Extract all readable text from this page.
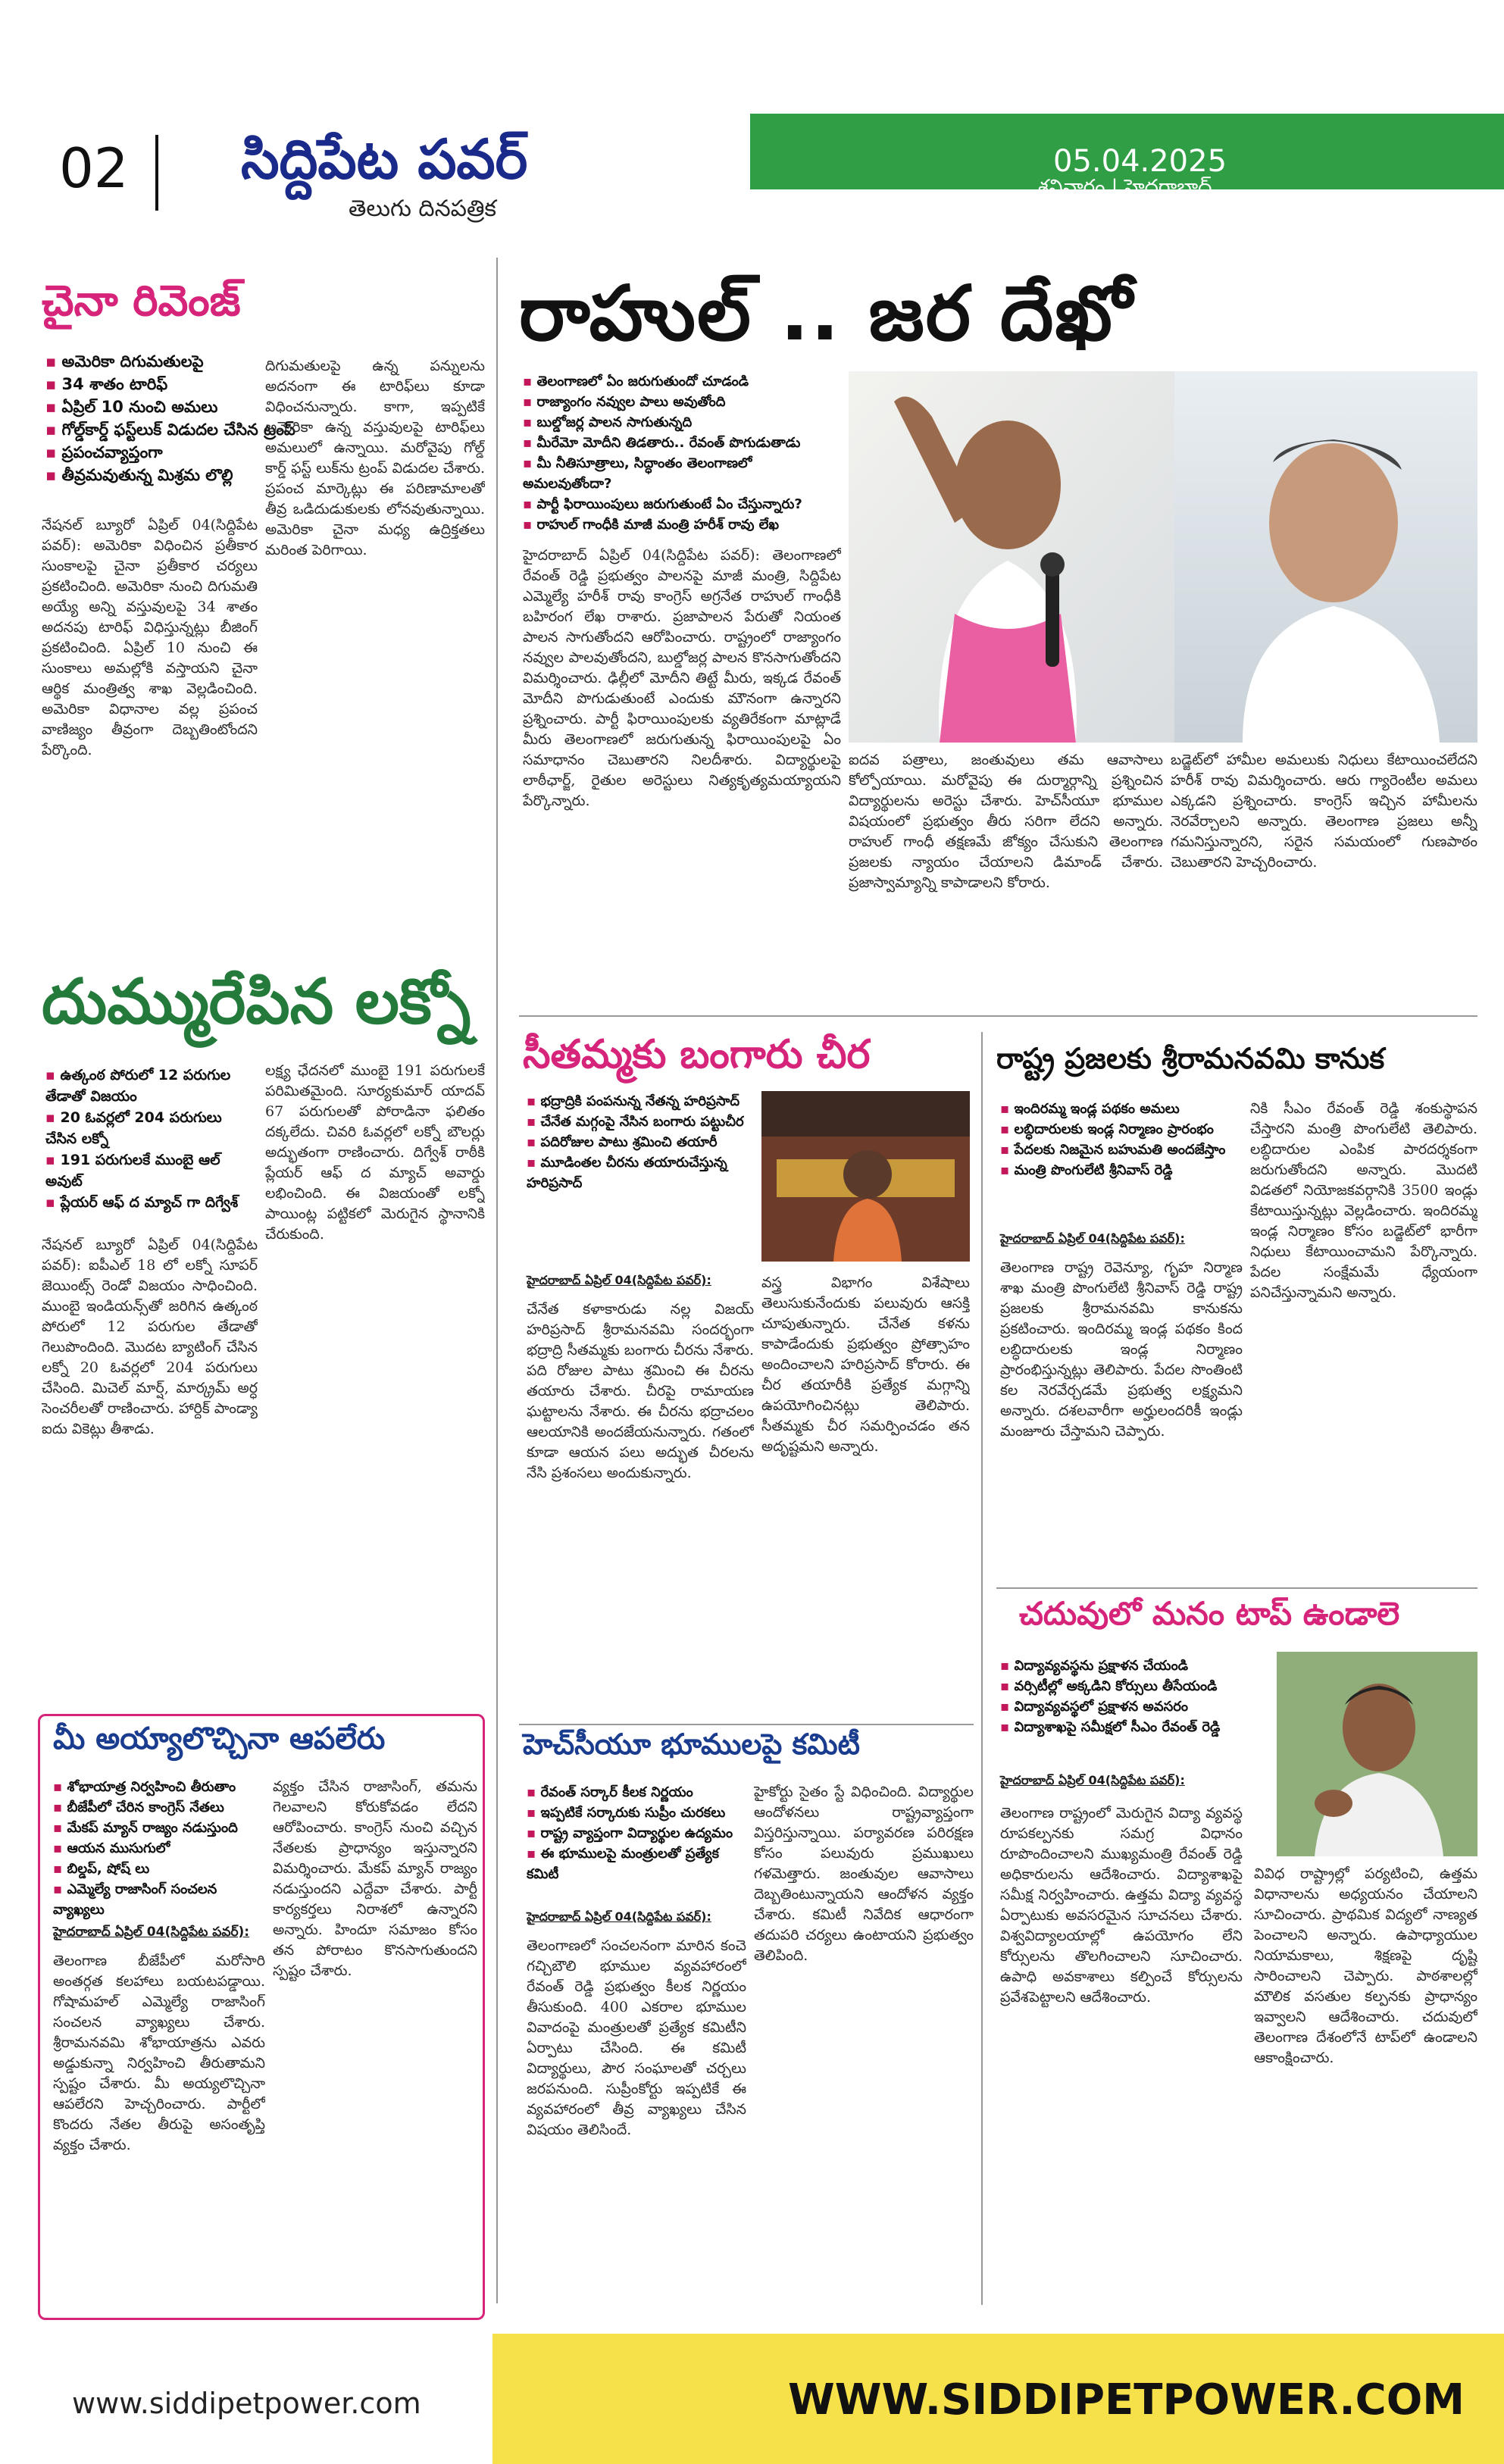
02 సిద్దిపేట పవర్
తెలుగు దినపత్రిక
05.04.2025
శనివారం | హైదరాబాద్
చైనా రివెంజ్
▪ అమెరికా దిగుమతులపై
▪ 34 శాతం టారిఫ్
▪ ఏప్రిల్ 10 నుంచి అమలు
▪ గోల్డ్‌కార్డ్ ఫస్ట్‌లుక్ విడుదల చేసిన ట్రంప్
▪ ప్రపంచవ్యాప్తంగా
▪ తీవ్రమవుతున్న మిశ్రమ లొల్లి
నేషనల్ బ్యూరో ఏప్రిల్ 04(సిద్దిపేట పవర్): అమెరికా విధించిన ప్రతీకార సుంకాలపై చైనా ప్రతీకార చర్యలు ప్రకటించింది. అమెరికా నుంచి దిగుమతి అయ్యే అన్ని వస్తువులపై 34 శాతం అదనపు టారిఫ్ విధిస్తున్నట్లు బీజింగ్ ప్రకటించింది. ఏప్రిల్ 10 నుంచి ఈ సుంకాలు అమల్లోకి వస్తాయని చైనా ఆర్థిక మంత్రిత్వ శాఖ వెల్లడించింది. అమెరికా విధానాల వల్ల ప్రపంచ వాణిజ్యం తీవ్రంగా దెబ్బతింటోందని పేర్కొంది.
దిగుమతులపై ఉన్న పన్నులను అదనంగా ఈ టారిఫ్‌లు కూడా విధించనున్నారు. కాగా, ఇప్పటికే అమెరికా ఉన్న వస్తువులపై టారిఫ్‌లు అమలులో ఉన్నాయి. మరోవైపు గోల్డ్ కార్డ్ ఫస్ట్ లుక్‌ను ట్రంప్ విడుదల చేశారు. ప్రపంచ మార్కెట్లు ఈ పరిణామాలతో తీవ్ర ఒడిదుడుకులకు లోనవుతున్నాయి. అమెరికా చైనా మధ్య ఉద్రిక్తతలు మరింత పెరిగాయి.
దుమ్మురేపిన లక్నో
▪ ఉత్కంఠ పోరులో 12 పరుగుల తేడాతో విజయం
▪ 20 ఓవర్లలో 204 పరుగులు చేసిన లక్నో
▪ 191 పరుగులకే ముంబై ఆల్ అవుట్
▪ ప్లేయర్ ఆఫ్ ద మ్యాచ్ గా దిగ్వేశ్
నేషనల్ బ్యూరో ఏప్రిల్ 04(సిద్దిపేట పవర్): ఐపీఎల్ 18 లో లక్నో సూపర్ జెయింట్స్ రెండో విజయం సాధించింది. ముంబై ఇండియన్స్‌తో జరిగిన ఉత్కంఠ పోరులో 12 పరుగుల తేడాతో గెలుపొందింది. మొదట బ్యాటింగ్ చేసిన లక్నో 20 ఓవర్లలో 204 పరుగులు చేసింది. మిచెల్ మార్ష్, మార్క్రమ్ అర్ధ సెంచరీలతో రాణించారు. హార్దిక్ పాండ్యా ఐదు వికెట్లు తీశాడు.
లక్ష్య ఛేదనలో ముంబై 191 పరుగులకే పరిమితమైంది. సూర్యకుమార్ యాదవ్ 67 పరుగులతో పోరాడినా ఫలితం దక్కలేదు. చివరి ఓవర్లలో లక్నో బౌలర్లు అద్భుతంగా రాణించారు. దిగ్వేశ్ రాఠీకి ప్లేయర్ ఆఫ్ ద మ్యాచ్ అవార్డు లభించింది. ఈ విజయంతో లక్నో పాయింట్ల పట్టికలో మెరుగైన స్థానానికి చేరుకుంది.
మీ అయ్యాలొచ్చినా ఆపలేరు
▪ శోభాయాత్ర నిర్వహించి తీరుతాం
▪ బీజేపీలో చేరిన కాంగ్రెస్ నేతలు
▪ మేకప్ మ్యాన్ రాజ్యం నడుస్తుంది
▪ ఆయన ముసుగులో
▪ బిల్డప్, షోష్ లు
▪ ఎమ్మెల్యే రాజాసింగ్ సంచలన వ్యాఖ్యలు
హైదరాబాద్ ఏప్రిల్ 04(సిద్దిపేట పవర్):
తెలంగాణ బీజేపీలో మరోసారి అంతర్గత కలహాలు బయటపడ్డాయి. గోషామహల్ ఎమ్మెల్యే రాజాసింగ్ సంచలన వ్యాఖ్యలు చేశారు. శ్రీరామనవమి శోభాయాత్రను ఎవరు అడ్డుకున్నా నిర్వహించి తీరుతామని స్పష్టం చేశారు. మీ అయ్యలొచ్చినా ఆపలేరని హెచ్చరించారు. పార్టీలో కొందరు నేతల తీరుపై అసంతృప్తి వ్యక్తం చేశారు.
వ్యక్తం చేసిన రాజాసింగ్, తమను గెలవాలని కోరుకోవడం లేదని ఆరోపించారు. కాంగ్రెస్ నుంచి వచ్చిన నేతలకు ప్రాధాన్యం ఇస్తున్నారని విమర్శించారు. మేకప్ మ్యాన్ రాజ్యం నడుస్తుందని ఎద్దేవా చేశారు. పార్టీ కార్యకర్తలు నిరాశలో ఉన్నారని అన్నారు. హిందూ సమాజం కోసం తన పోరాటం కొనసాగుతుందని స్పష్టం చేశారు.
రాహుల్ .. జర దేఖో
▪ తెలంగాణలో ఏం జరుగుతుందో చూడండి
▪ రాజ్యాంగం నవ్వుల పాలు అవుతోంది
▪ బుల్డోజర్ల పాలన సాగుతున్నది
▪ మీరేమో మోదీని తిడతారు.. రేవంత్ పొగుడుతాడు
▪ మీ నీతిసూత్రాలు, సిద్ధాంతం తెలంగాణలో అమలవుతోందా?
▪ పార్టీ ఫిరాయింపులు జరుగుతుంటే ఏం చేస్తున్నారు?
▪ రాహుల్ గాంధీకి మాజీ మంత్రి హరీశ్ రావు లేఖ
హైదరాబాద్ ఏప్రిల్ 04(సిద్దిపేట పవర్): తెలంగాణలో రేవంత్ రెడ్డి ప్రభుత్వం పాలనపై మాజీ మంత్రి, సిద్దిపేట ఎమ్మెల్యే హరీశ్ రావు కాంగ్రెస్ అగ్రనేత రాహుల్ గాంధీకి బహిరంగ లేఖ రాశారు. ప్రజాపాలన పేరుతో నియంత పాలన సాగుతోందని ఆరోపించారు. రాష్ట్రంలో రాజ్యాంగం నవ్వుల పాలవుతోందని, బుల్డోజర్ల పాలన కొనసాగుతోందని విమర్శించారు. ఢిల్లీలో మోదీని తిట్టే మీరు, ఇక్కడ రేవంత్ మోదీని పొగుడుతుంటే ఎందుకు మౌనంగా ఉన్నారని ప్రశ్నించారు. పార్టీ ఫిరాయింపులకు వ్యతిరేకంగా మాట్లాడే మీరు తెలంగాణలో జరుగుతున్న ఫిరాయింపులపై ఏం సమాధానం చెబుతారని నిలదీశారు. విద్యార్థులపై లాఠీఛార్జ్, రైతుల అరెస్టులు నిత్యకృత్యమయ్యాయని పేర్కొన్నారు.
ఐదవ పత్రాలు, జంతువులు తమ ఆవాసాలు కోల్పోయాయి. మరోవైపు ఈ దుర్మార్గాన్ని ప్రశ్నించిన విద్యార్థులను అరెస్టు చేశారు. హెచ్‌సీయూ భూముల విషయంలో ప్రభుత్వం తీరు సరిగా లేదని అన్నారు. రాహుల్ గాంధీ తక్షణమే జోక్యం చేసుకుని తెలంగాణ ప్రజలకు న్యాయం చేయాలని డిమాండ్ చేశారు. ప్రజాస్వామ్యాన్ని కాపాడాలని కోరారు.
బడ్జెట్‌లో హామీల అమలుకు నిధులు కేటాయించలేదని హరీశ్ రావు విమర్శించారు. ఆరు గ్యారెంటీల అమలు ఎక్కడని ప్రశ్నించారు. కాంగ్రెస్ ఇచ్చిన హామీలను నెరవేర్చాలని అన్నారు. తెలంగాణ ప్రజలు అన్నీ గమనిస్తున్నారని, సరైన సమయంలో గుణపాఠం చెబుతారని హెచ్చరించారు.
సీతమ్మకు బంగారు చీర
▪ భద్రాద్రికి పంపనున్న నేతన్న హరిప్రసాద్
▪ చేనేత మగ్గంపై నేసిన బంగారు పట్టుచీర
▪ పదిరోజుల పాటు శ్రమించి తయారీ
▪ మూడింతల చీరను తయారుచేస్తున్న హరిప్రసాద్
హైదరాబాద్ ఏప్రిల్ 04(సిద్దిపేట పవర్):
చేనేత కళాకారుడు నల్ల విజయ్ హరిప్రసాద్ శ్రీరామనవమి సందర్భంగా భద్రాద్రి సీతమ్మకు బంగారు చీరను నేశారు. పది రోజుల పాటు శ్రమించి ఈ చీరను తయారు చేశారు. చీరపై రామాయణ ఘట్టాలను నేశారు. ఈ చీరను భద్రాచలం ఆలయానికి అందజేయనున్నారు. గతంలో కూడా ఆయన పలు అద్భుత చీరలను నేసి ప్రశంసలు అందుకున్నారు.
వస్త్ర విభాగం విశేషాలు తెలుసుకునేందుకు పలువురు ఆసక్తి చూపుతున్నారు. చేనేత కళను కాపాడేందుకు ప్రభుత్వం ప్రోత్సాహం అందించాలని హరిప్రసాద్ కోరారు. ఈ చీర తయారీకి ప్రత్యేక మగ్గాన్ని ఉపయోగించినట్లు తెలిపారు. సీతమ్మకు చీర సమర్పించడం తన అదృష్టమని అన్నారు.
రాష్ట్ర ప్రజలకు శ్రీరామనవమి కానుక
▪ ఇందిరమ్మ ఇండ్ల పథకం అమలు
▪ లబ్ధిదారులకు ఇండ్ల నిర్మాణం ప్రారంభం
▪ పేదలకు నిజమైన బహుమతి అందజేస్తాం
▪ మంత్రి పొంగులేటి శ్రీనివాస్ రెడ్డి
హైదరాబాద్ ఏప్రిల్ 04(సిద్దిపేట పవర్):
తెలంగాణ రాష్ట్ర రెవెన్యూ, గృహ నిర్మాణ శాఖ మంత్రి పొంగులేటి శ్రీనివాస్ రెడ్డి రాష్ట్ర ప్రజలకు శ్రీరామనవమి కానుకను ప్రకటించారు. ఇందిరమ్మ ఇండ్ల పథకం కింద లబ్ధిదారులకు ఇండ్ల నిర్మాణం ప్రారంభిస్తున్నట్లు తెలిపారు. పేదల సొంతింటి కల నెరవేర్చడమే ప్రభుత్వ లక్ష్యమని అన్నారు. దశలవారీగా అర్హులందరికీ ఇండ్లు మంజూరు చేస్తామని చెప్పారు.
నికి సీఎం రేవంత్ రెడ్డి శంకుస్థాపన చేస్తారని మంత్రి పొంగులేటి తెలిపారు. లబ్ధిదారుల ఎంపిక పారదర్శకంగా జరుగుతోందని అన్నారు. మొదటి విడతలో నియోజకవర్గానికి 3500 ఇండ్లు కేటాయిస్తున్నట్లు వెల్లడించారు. ఇందిరమ్మ ఇండ్ల నిర్మాణం కోసం బడ్జెట్‌లో భారీగా నిధులు కేటాయించామని పేర్కొన్నారు. పేదల సంక్షేమమే ధ్యేయంగా పనిచేస్తున్నామని అన్నారు.
హెచ్‌సీయూ భూములపై కమిటీ
▪ రేవంత్ సర్కార్ కీలక నిర్ణయం
▪ ఇప్పటికే సర్కారుకు సుప్రీం చురకలు
▪ రాష్ట్ర వ్యాప్తంగా విద్యార్థుల ఉద్యమం
▪ ఈ భూములపై మంత్రులతో ప్రత్యేక కమిటీ
హైదరాబాద్ ఏప్రిల్ 04(సిద్దిపేట పవర్):
తెలంగాణలో సంచలనంగా మారిన కంచె గచ్చిబౌలి భూముల వ్యవహారంలో రేవంత్ రెడ్డి ప్రభుత్వం కీలక నిర్ణయం తీసుకుంది. 400 ఎకరాల భూముల వివాదంపై మంత్రులతో ప్రత్యేక కమిటీని ఏర్పాటు చేసింది. ఈ కమిటీ విద్యార్థులు, పౌర సంఘాలతో చర్చలు జరపనుంది. సుప్రీంకోర్టు ఇప్పటికే ఈ వ్యవహారంలో తీవ్ర వ్యాఖ్యలు చేసిన విషయం తెలిసిందే.
హైకోర్టు సైతం స్టే విధించింది. విద్యార్థుల ఆందోళనలు రాష్ట్రవ్యాప్తంగా విస్తరిస్తున్నాయి. పర్యావరణ పరిరక్షణ కోసం పలువురు ప్రముఖులు గళమెత్తారు. జంతువుల ఆవాసాలు దెబ్బతింటున్నాయని ఆందోళన వ్యక్తం చేశారు. కమిటీ నివేదిక ఆధారంగా తదుపరి చర్యలు ఉంటాయని ప్రభుత్వం తెలిపింది.
చదువులో మనం టాప్ ఉండాలె
▪ విద్యావ్యవస్థను ప్రక్షాళన చేయండి
▪ వర్సిటీల్లో అక్కడిని కోర్సులు తీసేయండి
▪ విద్యావ్యవస్థలో ప్రక్షాళన అవసరం
▪ విద్యాశాఖపై సమీక్షలో సీఎం రేవంత్ రెడ్డి
హైదరాబాద్ ఏప్రిల్ 04(సిద్దిపేట పవర్):
తెలంగాణ రాష్ట్రంలో మెరుగైన విద్యా వ్యవస్థ రూపకల్పనకు సమగ్ర విధానం రూపొందించాలని ముఖ్యమంత్రి రేవంత్ రెడ్డి అధికారులను ఆదేశించారు. విద్యాశాఖపై సమీక్ష నిర్వహించారు. ఉత్తమ విద్యా వ్యవస్థ ఏర్పాటుకు అవసరమైన సూచనలు చేశారు. విశ్వవిద్యాలయాల్లో ఉపయోగం లేని కోర్సులను తొలగించాలని సూచించారు. ఉపాధి అవకాశాలు కల్పించే కోర్సులను ప్రవేశపెట్టాలని ఆదేశించారు.
వివిధ రాష్ట్రాల్లో పర్యటించి, ఉత్తమ విధానాలను అధ్యయనం చేయాలని సూచించారు. ప్రాథమిక విద్యలో నాణ్యత పెంచాలని అన్నారు. ఉపాధ్యాయుల నియామకాలు, శిక్షణపై దృష్టి సారించాలని చెప్పారు. పాఠశాలల్లో మౌలిక వసతుల కల్పనకు ప్రాధాన్యం ఇవ్వాలని ఆదేశించారు. చదువులో తెలంగాణ దేశంలోనే టాప్‌లో ఉండాలని ఆకాంక్షించారు.
www.siddipetpower.com	WWW.SIDDIPETPOWER.COM
